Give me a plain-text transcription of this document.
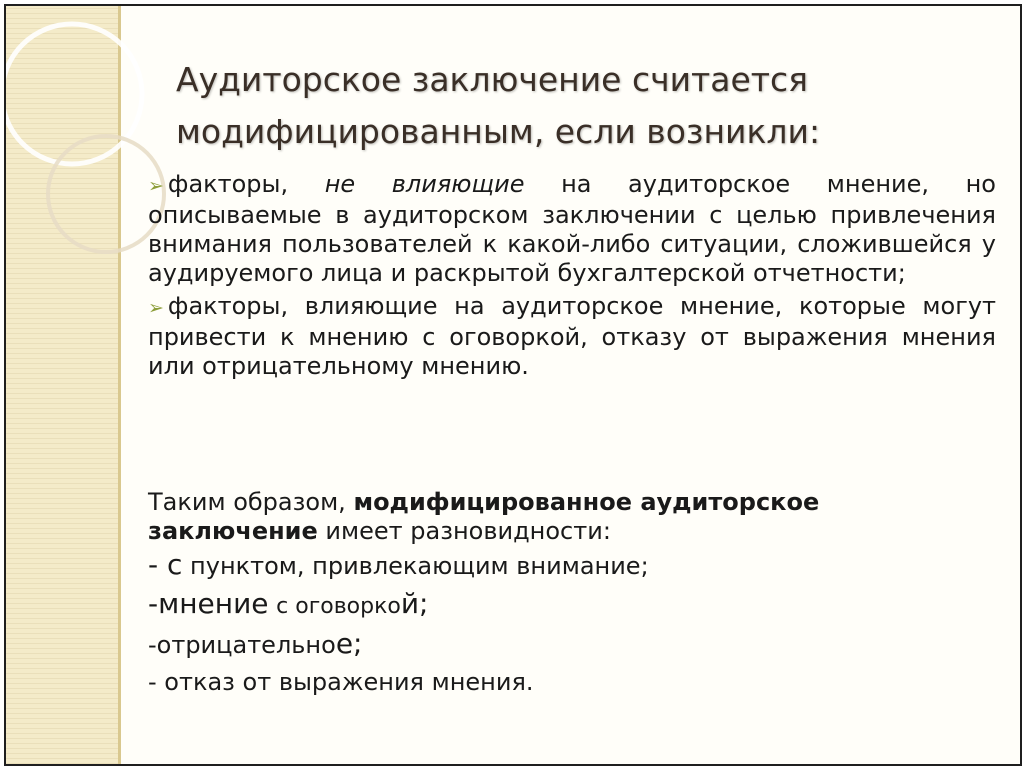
Аудиторское заключение считается
модифицированным, если возникли:
➢ факторы, не влияющие на аудиторское мнение, но описываемые в аудиторском заключении с целью привлечения внимания пользователей к какой-либо ситуации, сложившейся у аудируемого лица и раскрытой бухгалтерской отчетности;
➢ факторы, влияющие на аудиторское мнение, которые могут привести к мнению с оговоркой, отказу от выражения мнения или отрицательному мнению.
Таким образом, модифицированное аудиторское заключение имеет разновидности:
- с пунктом, привлекающим внимание;
-мнение с оговоркой;
-отрицательное;
- отказ от выражения мнения.
